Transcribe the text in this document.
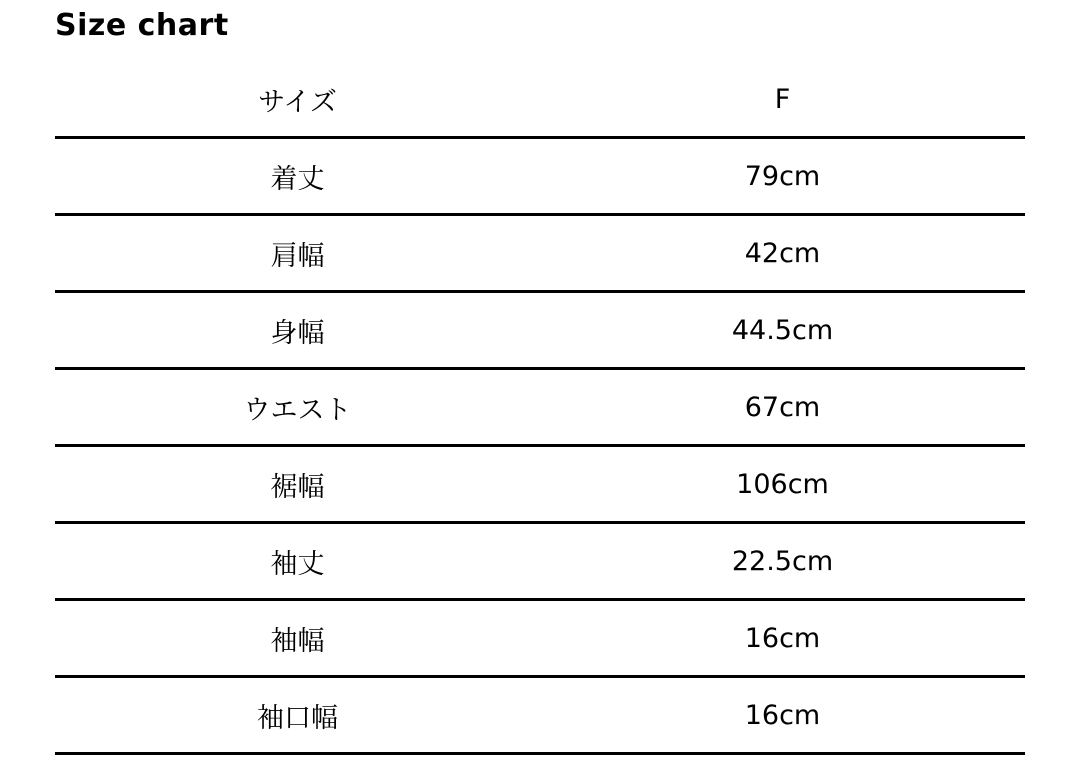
Size chart
サイズ	F
着丈	79cm
肩幅	42cm
身幅	44.5cm
ウエスト	67cm
裾幅	106cm
袖丈	22.5cm
袖幅	16cm
袖口幅	16cm
